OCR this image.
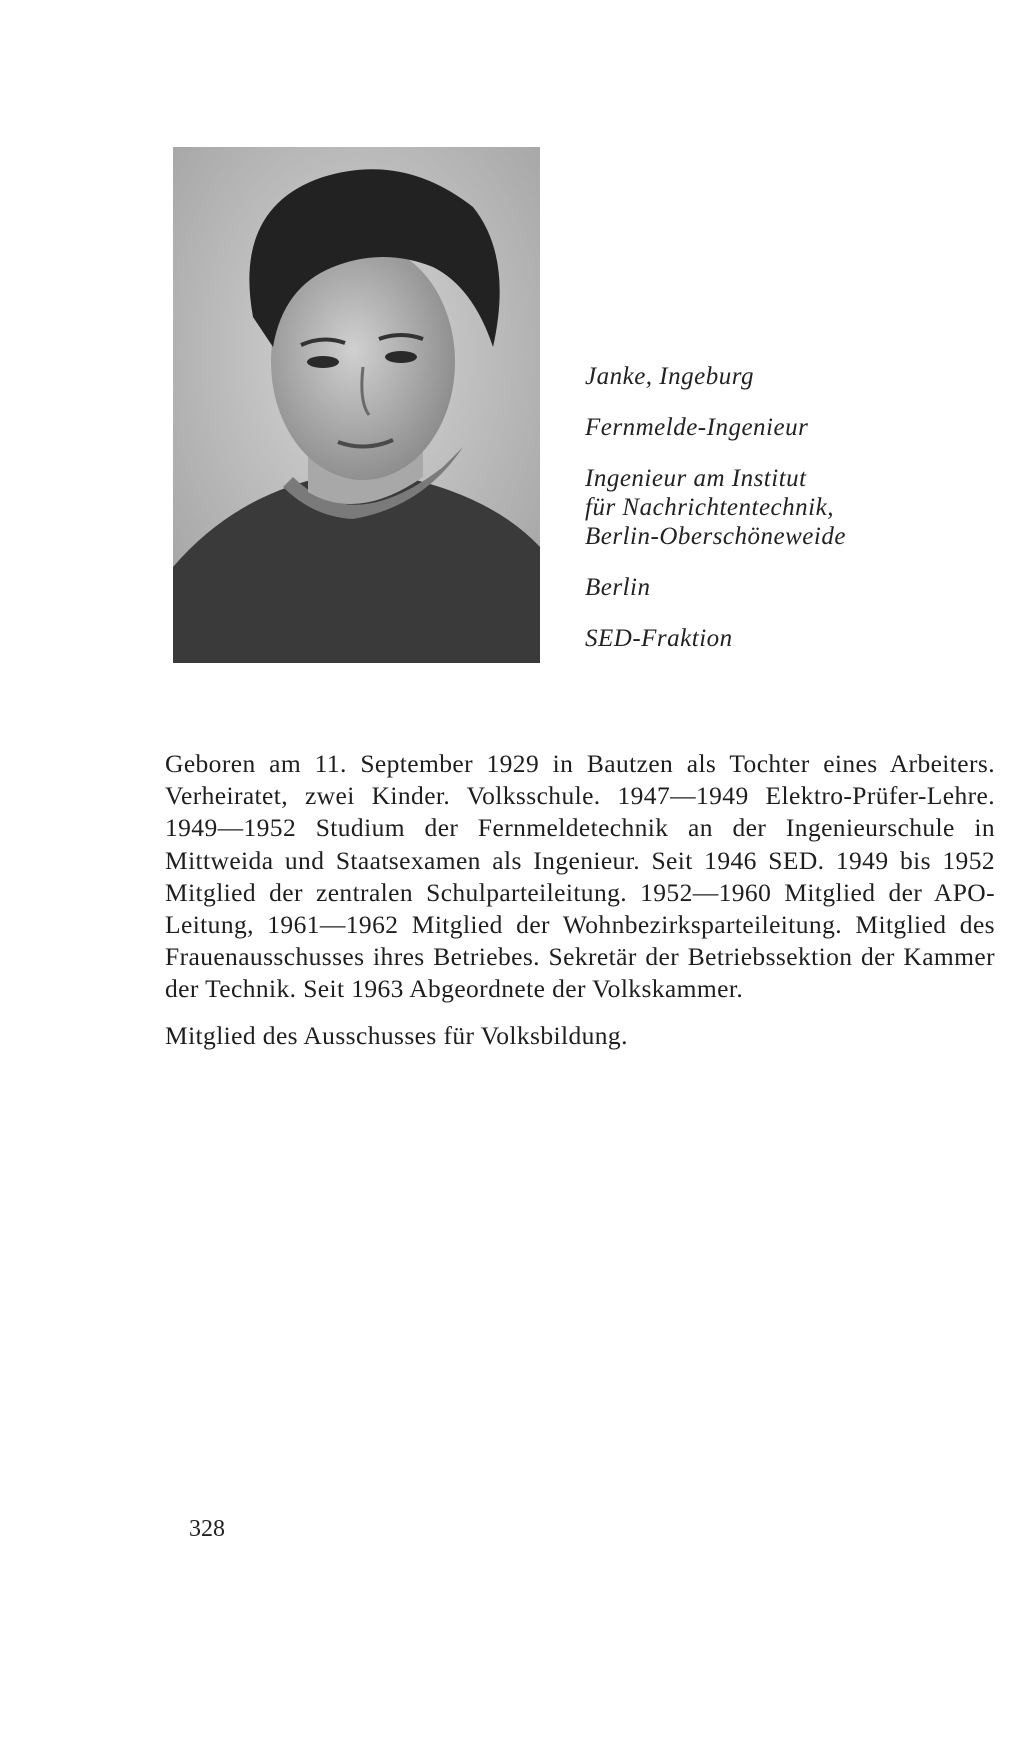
Janke, Ingeburg
Fernmelde-Ingenieur
Ingenieur am Institut
für Nachrichtentechnik,
Berlin-Oberschöneweide
Berlin
SED-Fraktion

Geboren am 11. September 1929 in Bautzen als Tochter eines Arbeiters. Verheiratet, zwei Kinder. Volksschule. 1947—1949 Elektro-Prüfer-Lehre. 1949—1952 Studium der Fernmeldetechnik an der Ingenieurschule in Mittweida und Staatsexamen als Ingenieur. Seit 1946 SED. 1949 bis 1952 Mitglied der zentralen Schulparteileitung. 1952—1960 Mitglied der APO-Leitung, 1961—1962 Mitglied der Wohnbezirksparteileitung. Mitglied des Frauenausschusses ihres Betriebes. Sekretär der Betriebssektion der Kammer der Technik. Seit 1963 Abgeordnete der Volkskammer.

Mitglied des Ausschusses für Volksbildung.

328
